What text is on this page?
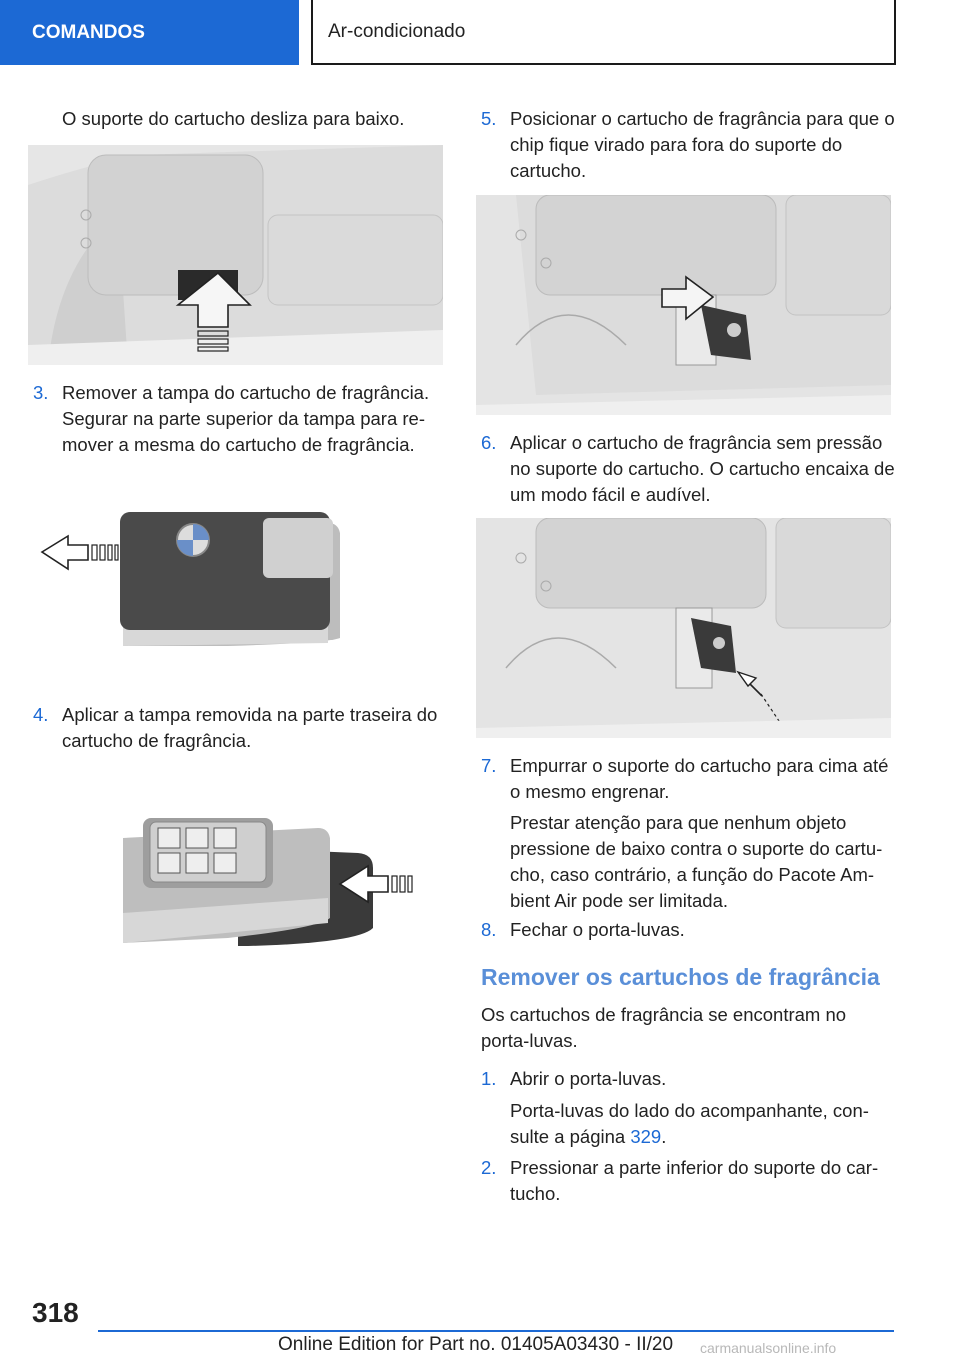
COMANDOS	Ar-condicionado

O suporte do cartucho desliza para baixo.

3. Remover a tampa do cartucho de fragrância. Segurar na parte superior da tampa para remover a mesma do cartucho de fragrância.
4. Aplicar a tampa removida na parte traseira do cartucho de fragrância.
5. Posicionar o cartucho de fragrância para que o chip fique virado para fora do suporte do cartucho.
6. Aplicar o cartucho de fragrância sem pressão no suporte do cartucho. O cartucho encaixa de um modo fácil e audível.
7. Empurrar o suporte do cartucho para cima até o mesmo engrenar.

Prestar atenção para que nenhum objeto pressione de baixo contra o suporte do cartucho, caso contrário, a função do Pacote Ambient Air pode ser limitada.

8. Fechar o porta-luvas.
Remover os cartuchos de fragrância

Os cartuchos de fragrância se encontram no porta-luvas.

1. Abrir o porta-luvas.

Porta-luvas do lado do acompanhante, consulte a página 329.

2. Pressionar a parte inferior do suporte do cartucho.
318
Online Edition for Part no. 01405A03430 - II/20 carmanualsonline.info
